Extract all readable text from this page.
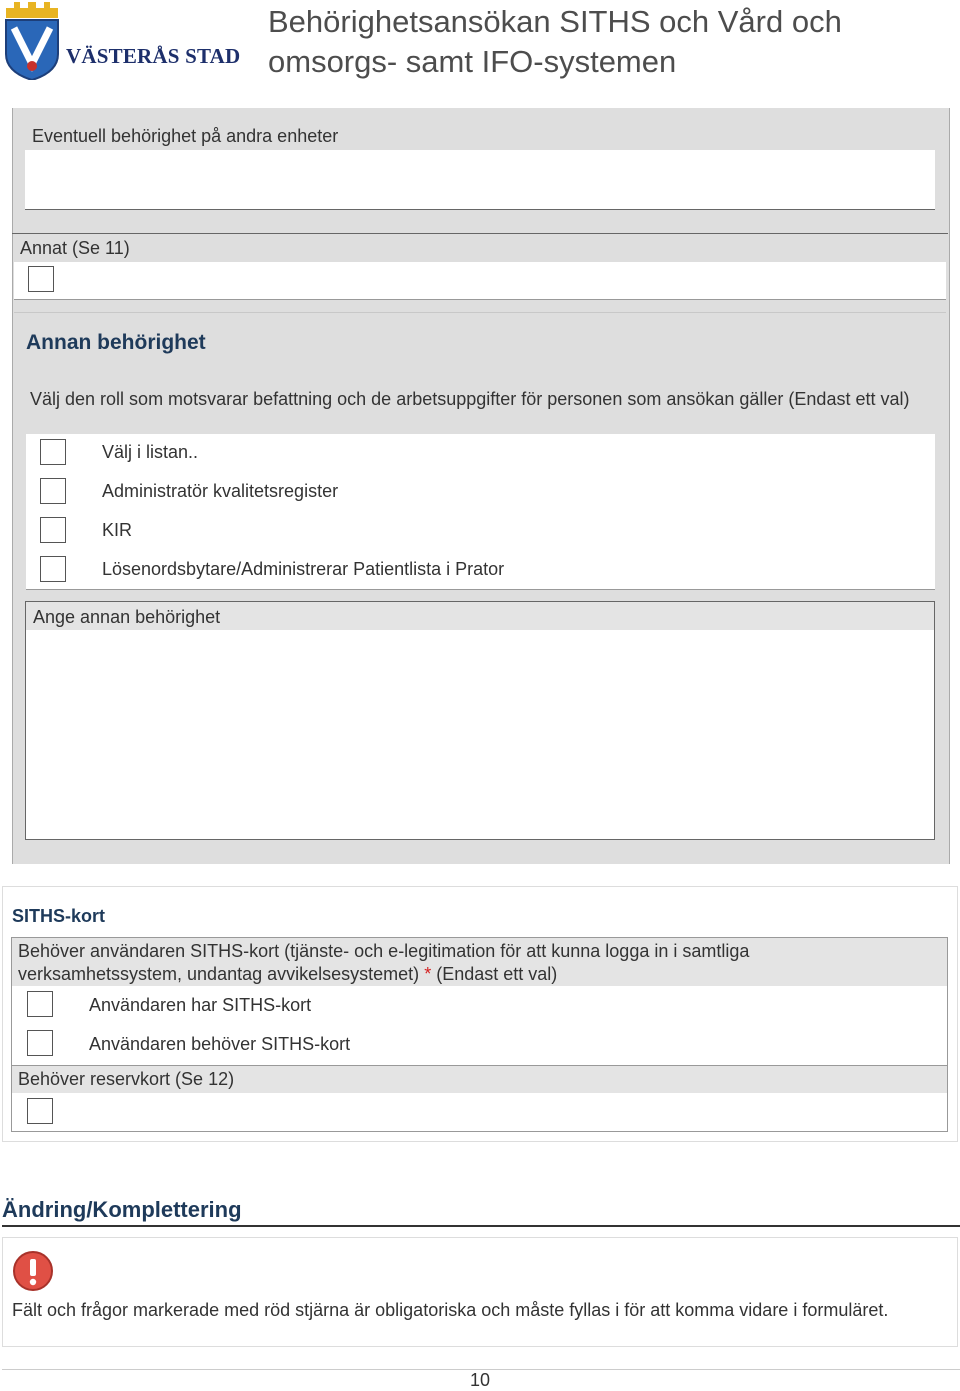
VÄSTERÅS STAD
Behörighetsansökan SITHS och Vård och
omsorgs- samt IFO-systemen
Eventuell behörighet på andra enheter
Annat (Se 11)
Annan behörighet
Välj den roll som motsvarar befattning och de arbetsuppgifter för personen som ansökan gäller (Endast ett val)
Välj i listan..
Administratör kvalitetsregister
KIR
Lösenordsbytare/Administrerar Patientlista i Prator
Ange annan behörighet
SITHS-kort
Behöver användaren SITHS-kort (tjänste- och e-legitimation för att kunna logga in i samtliga verksamhetssystem, undantag avvikelsesystemet) * (Endast ett val)
Användaren har SITHS-kort
Användaren behöver SITHS-kort
Behöver reservkort (Se 12)
Ändring/Komplettering
Fält och frågor markerade med röd stjärna är obligatoriska och måste fyllas i för att komma vidare i formuläret.
10
